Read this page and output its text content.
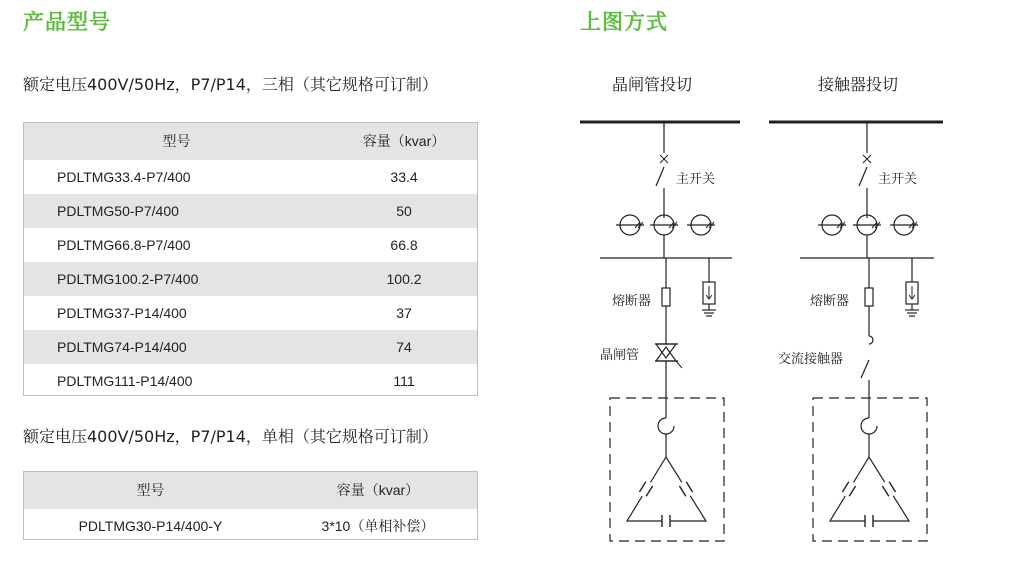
产品型号
额定电压400V/50Hz，P7/P14，三相（其它规格可订制）
型号	容量（kvar）
PDLTMG33.4-P7/400	33.4
PDLTMG50-P7/400	50
PDLTMG66.8-P7/400	66.8
PDLTMG100.2-P7/400	100.2
PDLTMG37-P14/400	37
PDLTMG74-P14/400	74
PDLTMG111-P14/400	111
额定电压400V/50Hz，P7/P14，单相（其它规格可订制）
型号	容量（kvar）
PDLTMG30-P14/400-Y	3*10（单相补偿）
上图方式
晶闸管投切	接触器投切
主开关	主开关
熔断器	熔断器
晶闸管	交流接触器
